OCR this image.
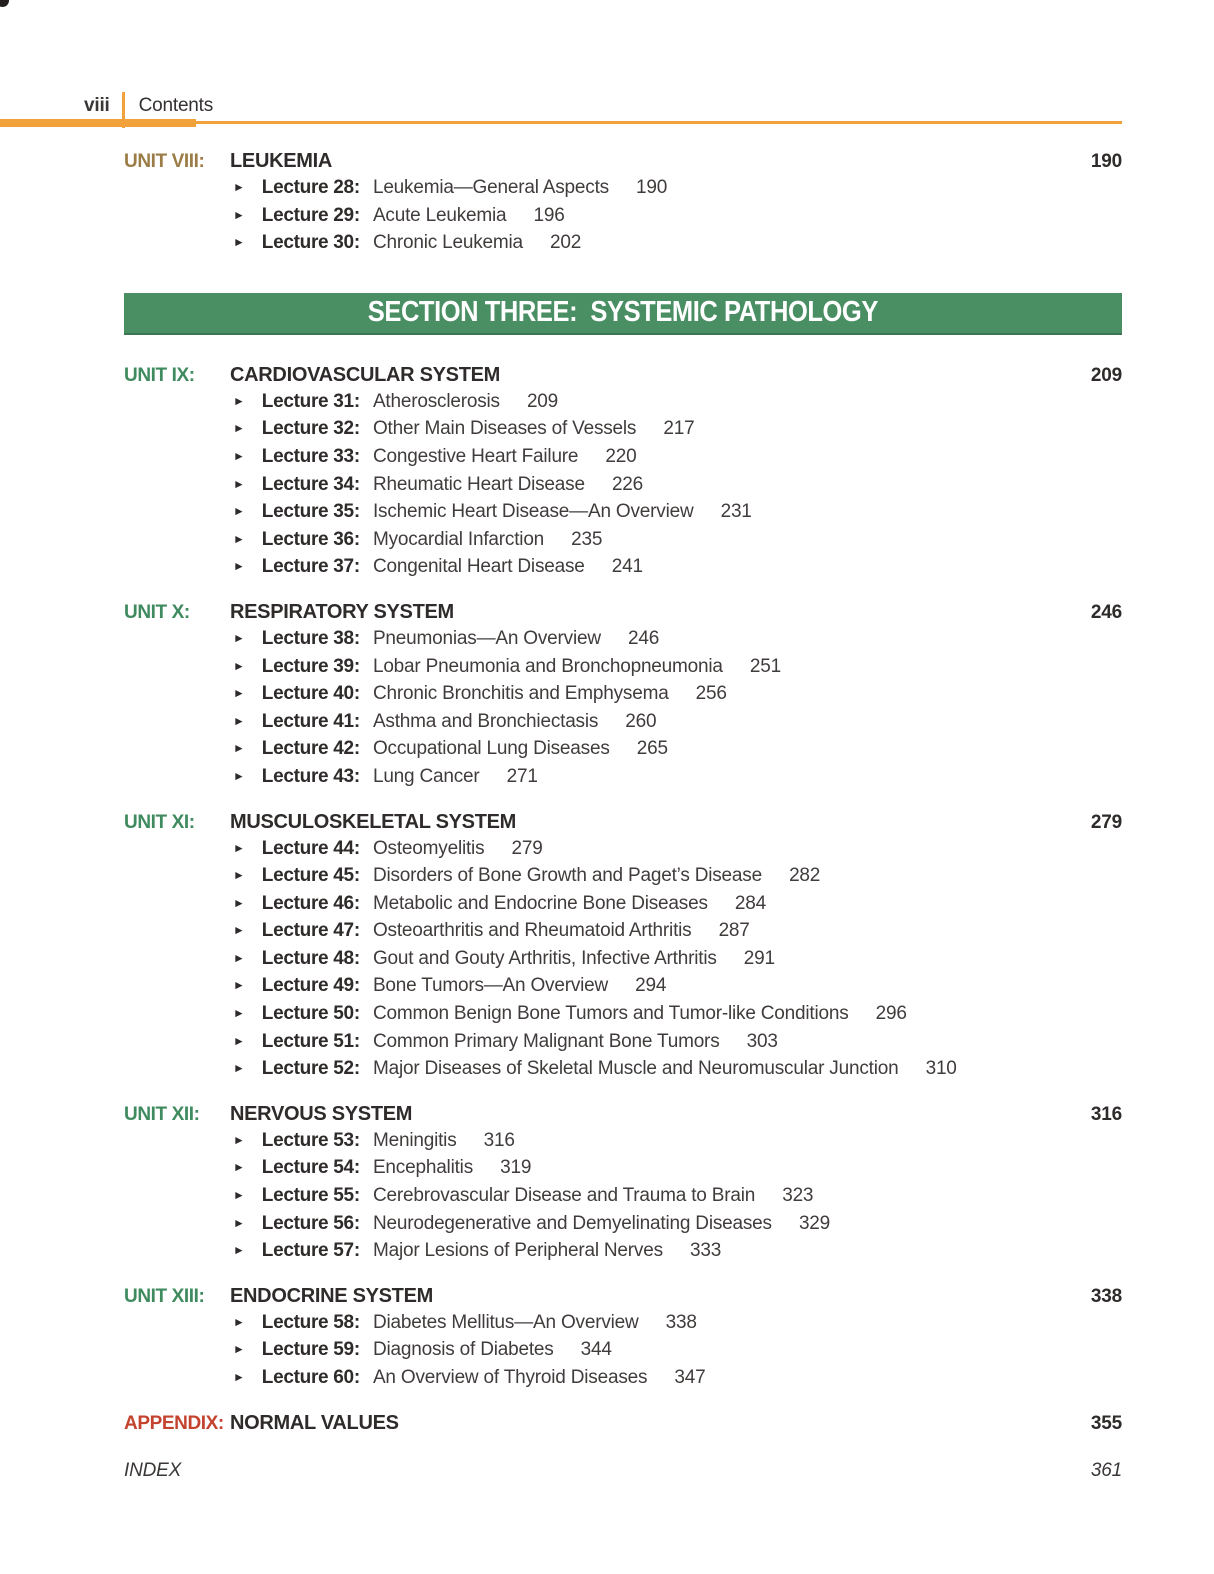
viii Contents
UNIT VIII:	LEUKEMIA	190
► Lecture 28: Leukemia—General Aspects 190
► Lecture 29: Acute Leukemia 196
► Lecture 30: Chronic Leukemia 202
SECTION THREE:  SYSTEMIC PATHOLOGY
UNIT IX:	CARDIOVASCULAR SYSTEM	209
► Lecture 31: Atherosclerosis 209
► Lecture 32: Other Main Diseases of Vessels 217
► Lecture 33: Congestive Heart Failure 220
► Lecture 34: Rheumatic Heart Disease 226
► Lecture 35: Ischemic Heart Disease—An Overview 231
► Lecture 36: Myocardial Infarction 235
► Lecture 37: Congenital Heart Disease 241
UNIT X:	RESPIRATORY SYSTEM	246
► Lecture 38: Pneumonias—An Overview 246
► Lecture 39: Lobar Pneumonia and Bronchopneumonia 251
► Lecture 40: Chronic Bronchitis and Emphysema 256
► Lecture 41: Asthma and Bronchiectasis 260
► Lecture 42: Occupational Lung Diseases 265
► Lecture 43: Lung Cancer 271
UNIT XI:	MUSCULOSKELETAL SYSTEM	279
► Lecture 44: Osteomyelitis 279
► Lecture 45: Disorders of Bone Growth and Paget’s Disease 282
► Lecture 46: Metabolic and Endocrine Bone Diseases 284
► Lecture 47: Osteoarthritis and Rheumatoid Arthritis 287
► Lecture 48: Gout and Gouty Arthritis, Infective Arthritis 291
► Lecture 49: Bone Tumors—An Overview 294
► Lecture 50: Common Benign Bone Tumors and Tumor-like Conditions 296
► Lecture 51: Common Primary Malignant Bone Tumors 303
► Lecture 52: Major Diseases of Skeletal Muscle and Neuromuscular Junction 310
UNIT XII:	NERVOUS SYSTEM	316
► Lecture 53: Meningitis 316
► Lecture 54: Encephalitis 319
► Lecture 55: Cerebrovascular Disease and Trauma to Brain 323
► Lecture 56: Neurodegenerative and Demyelinating Diseases 329
► Lecture 57: Major Lesions of Peripheral Nerves 333
UNIT XIII:	ENDOCRINE SYSTEM	338
► Lecture 58: Diabetes Mellitus—An Overview 338
► Lecture 59: Diagnosis of Diabetes 344
► Lecture 60: An Overview of Thyroid Diseases 347
APPENDIX: NORMAL VALUES	355
INDEX	361
